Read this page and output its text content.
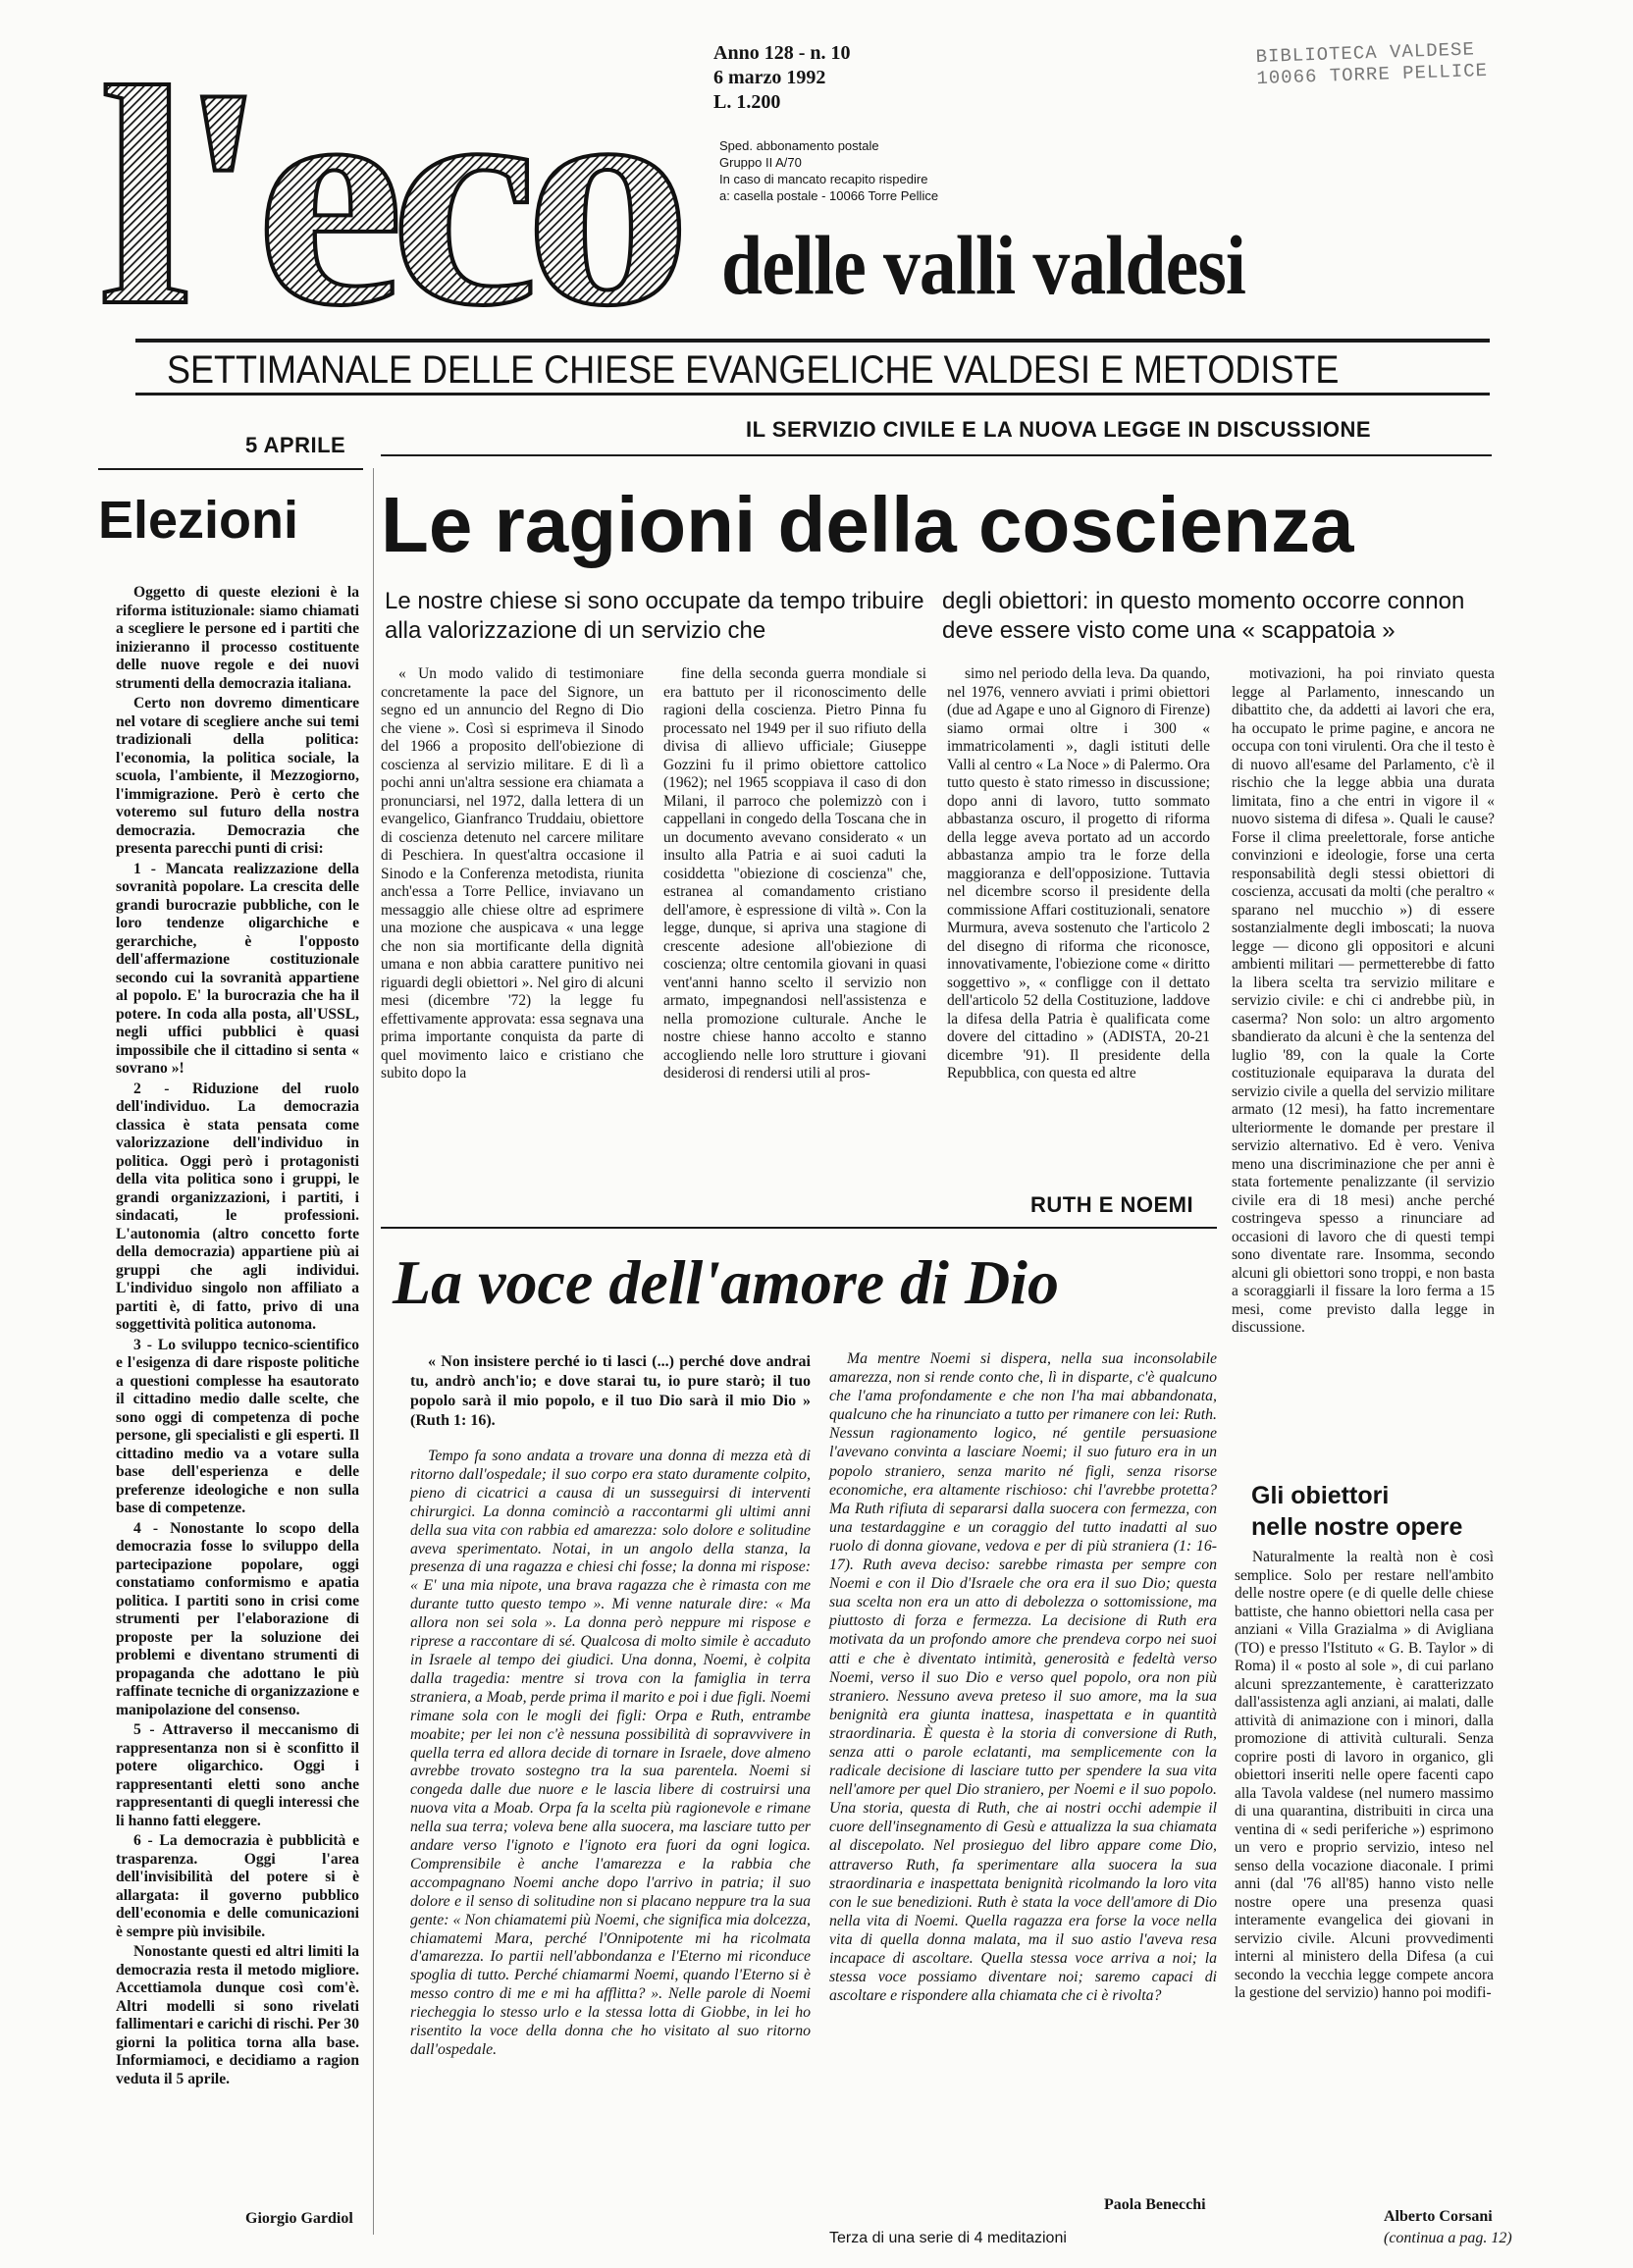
l'eco Anno 128 - n. 10
6 marzo 1992
L. 1.200
Sped. abbonamento postale
Gruppo II A/70
In caso di mancato recapito rispedire
a: casella postale - 10066 Torre Pellice
BIBLIOTECA VALDESE
10066 TORRE PELLICE
delle valli valdesi
SETTIMANALE DELLE CHIESE EVANGELICHE VALDESI E METODISTE
5 APRILE
Elezioni

Oggetto di queste elezioni è la riforma istituzionale: siamo chiamati a scegliere le persone ed i partiti che inizieranno il processo costituente delle nuove regole e dei nuovi strumenti della democrazia italiana.

Certo non dovremo dimenticare nel votare di scegliere anche sui temi tradizionali della politica: l'economia, la politica sociale, la scuola, l'ambiente, il Mezzogiorno, l'immigrazione. Però è certo che voteremo sul futuro della nostra democrazia. Democrazia che presenta parecchi punti di crisi:

1 - Mancata realizzazione della sovranità popolare. La crescita delle grandi burocrazie pubbliche, con le loro tendenze oligarchiche e gerarchiche, è l'opposto dell'affermazione costituzionale secondo cui la sovranità appartiene al popolo. E' la burocrazia che ha il potere. In coda alla posta, all'USSL, negli uffici pubblici è quasi impossibile che il cittadino si senta « sovrano »!

2 - Riduzione del ruolo dell'individuo. La democrazia classica è stata pensata come valorizzazione dell'individuo in politica. Oggi però i protagonisti della vita politica sono i gruppi, le grandi organizzazioni, i partiti, i sindacati, le professioni. L'autonomia (altro concetto forte della democrazia) appartiene più ai gruppi che agli individui. L'individuo singolo non affiliato a partiti è, di fatto, privo di una soggettività politica autonoma.

3 - Lo sviluppo tecnico-scientifico e l'esigenza di dare risposte politiche a questioni complesse ha esautorato il cittadino medio dalle scelte, che sono oggi di competenza di poche persone, gli specialisti e gli esperti. Il cittadino medio va a votare sulla base dell'esperienza e delle preferenze ideologiche e non sulla base di competenze.

4 - Nonostante lo scopo della democrazia fosse lo sviluppo della partecipazione popolare, oggi constatiamo conformismo e apatia politica. I partiti sono in crisi come strumenti per l'elaborazione di proposte per la soluzione dei problemi e diventano strumenti di propaganda che adottano le più raffinate tecniche di organizzazione e manipolazione del consenso.

5 - Attraverso il meccanismo di rappresentanza non si è sconfitto il potere oligarchico. Oggi i rappresentanti eletti sono anche rappresentanti di quegli interessi che li hanno fatti eleggere.

6 - La democrazia è pubblicità e trasparenza. Oggi l'area dell'invisibilità del potere si è allargata: il governo pubblico dell'economia e delle comunicazioni è sempre più invisibile.

Nonostante questi ed altri limiti la democrazia resta il metodo migliore. Accettiamola dunque così com'è. Altri modelli si sono rivelati fallimentari e carichi di rischi. Per 30 giorni la politica torna alla base. Informiamoci, e decidiamo a ragion veduta il 5 aprile.

Giorgio Gardiol
IL SERVIZIO CIVILE E LA NUOVA LEGGE IN DISCUSSIONE
Le ragioni della coscienza
Le nostre chiese si sono occupate da tempo tribuire alla valorizzazione di un servizio che
degli obiettori: in questo momento occorre connon deve essere visto come una « scappatoia »

« Un modo valido di testimoniare concretamente la pace del Signore, un segno ed un annuncio del Regno di Dio che viene ». Così si esprimeva il Sinodo del 1966 a proposito dell'obiezione di coscienza al servizio militare. E di lì a pochi anni un'altra sessione era chiamata a pronunciarsi, nel 1972, dalla lettera di un evangelico, Gianfranco Truddaiu, obiettore di coscienza detenuto nel carcere militare di Peschiera. In quest'altra occasione il Sinodo e la Conferenza metodista, riunita anch'essa a Torre Pellice, inviavano un messaggio alle chiese oltre ad esprimere una mozione che auspicava « una legge che non sia mortificante della dignità umana e non abbia carattere punitivo nei riguardi degli obiettori ». Nel giro di alcuni mesi (dicembre '72) la legge fu effettivamente approvata: essa segnava una prima importante conquista da parte di quel movimento laico e cristiano che subito dopo la

fine della seconda guerra mondiale si era battuto per il riconoscimento delle ragioni della coscienza. Pietro Pinna fu processato nel 1949 per il suo rifiuto della divisa di allievo ufficiale; Giuseppe Gozzini fu il primo obiettore cattolico (1962); nel 1965 scoppiava il caso di don Milani, il parroco che polemizzò con i cappellani in congedo della Toscana che in un documento avevano considerato « un insulto alla Patria e ai suoi caduti la cosiddetta "obiezione di coscienza" che, estranea al comandamento cristiano dell'amore, è espressione di viltà ». Con la legge, dunque, si apriva una stagione di crescente adesione all'obiezione di coscienza; oltre centomila giovani in quasi vent'anni hanno scelto il servizio non armato, impegnandosi nell'assistenza e nella promozione culturale. Anche le nostre chiese hanno accolto e stanno accogliendo nelle loro strutture i giovani desiderosi di rendersi utili al pros-

simo nel periodo della leva. Da quando, nel 1976, vennero avviati i primi obiettori (due ad Agape e uno al Gignoro di Firenze) siamo ormai oltre i 300 « immatricolamenti », dagli istituti delle Valli al centro « La Noce » di Palermo. Ora tutto questo è stato rimesso in discussione; dopo anni di lavoro, tutto sommato abbastanza oscuro, il progetto di riforma della legge aveva portato ad un accordo abbastanza ampio tra le forze della maggioranza e dell'opposizione. Tuttavia nel dicembre scorso il presidente della commissione Affari costituzionali, senatore Murmura, aveva sostenuto che l'articolo 2 del disegno di riforma che riconosce, innovativamente, l'obiezione come « diritto soggettivo », « confligge con il dettato dell'articolo 52 della Costituzione, laddove la difesa della Patria è qualificata come dovere del cittadino » (ADISTA, 20-21 dicembre '91). Il presidente della Repubblica, con questa ed altre

motivazioni, ha poi rinviato questa legge al Parlamento, innescando un dibattito che, da addetti ai lavori che era, ha occupato le prime pagine, e ancora ne occupa con toni virulenti. Ora che il testo è di nuovo all'esame del Parlamento, c'è il rischio che la legge abbia una durata limitata, fino a che entri in vigore il « nuovo sistema di difesa ». Quali le cause? Forse il clima preelettorale, forse antiche convinzioni e ideologie, forse una certa responsabilità degli stessi obiettori di coscienza, accusati da molti (che peraltro « sparano nel mucchio ») di essere sostanzialmente degli imboscati; la nuova legge — dicono gli oppositori e alcuni ambienti militari — permetterebbe di fatto la libera scelta tra servizio militare e servizio civile: e chi ci andrebbe più, in caserma? Non solo: un altro argomento sbandierato da alcuni è che la sentenza del luglio '89, con la quale la Corte costituzionale equiparava la durata del servizio civile a quella del servizio militare armato (12 mesi), ha fatto incrementare ulteriormente le domande per prestare il servizio alternativo. Ed è vero. Veniva meno una discriminazione che per anni è stata fortemente penalizzante (il servizio civile era di 18 mesi) anche perché costringeva spesso a rinunciare ad occasioni di lavoro che di questi tempi sono diventate rare. Insomma, secondo alcuni gli obiettori sono troppi, e non basta a scoraggiarli il fissare la loro ferma a 15 mesi, come previsto dalla legge in discussione.

Gli obiettori
nelle nostre opere

Naturalmente la realtà non è così semplice. Solo per restare nell'ambito delle nostre opere (e di quelle delle chiese battiste, che hanno obiettori nella casa per anziani « Villa Grazialma » di Avigliana (TO) e presso l'Istituto « G. B. Taylor » di Roma) il « posto al sole », di cui parlano alcuni sprezzantemente, è caratterizzato dall'assistenza agli anziani, ai malati, dalle attività di animazione con i minori, dalla promozione di attività culturali. Senza coprire posti di lavoro in organico, gli obiettori inseriti nelle opere facenti capo alla Tavola valdese (nel numero massimo di una quarantina, distribuiti in circa una ventina di « sedi periferiche ») esprimono un vero e proprio servizio, inteso nel senso della vocazione diaconale. I primi anni (dal '76 all'85) hanno visto nelle nostre opere una presenza quasi interamente evangelica dei giovani in servizio civile. Alcuni provvedimenti interni al ministero della Difesa (a cui secondo la vecchia legge compete ancora la gestione del servizio) hanno poi modifi-

Alberto Corsani
(continua a pag. 12)
RUTH E NOEMI
La voce dell'amore di Dio
« Non insistere perché io ti lasci (...) perché dove andrai tu, andrò anch'io; e dove starai tu, io pure starò; il tuo popolo sarà il mio popolo, e il tuo Dio sarà il mio Dio » (Ruth 1: 16).

Tempo fa sono andata a trovare una donna di mezza età di ritorno dall'ospedale; il suo corpo era stato duramente colpito, pieno di cicatrici a causa di un susseguirsi di interventi chirurgici. La donna cominciò a raccontarmi gli ultimi anni della sua vita con rabbia ed amarezza: solo dolore e solitudine aveva sperimentato. Notai, in un angolo della stanza, la presenza di una ragazza e chiesi chi fosse; la donna mi rispose: « E' una mia nipote, una brava ragazza che è rimasta con me durante tutto questo tempo ». Mi venne naturale dire: « Ma allora non sei sola ». La donna però neppure mi rispose e riprese a raccontare di sé. Qualcosa di molto simile è accaduto in Israele al tempo dei giudici. Una donna, Noemi, è colpita dalla tragedia: mentre si trova con la famiglia in terra straniera, a Moab, perde prima il marito e poi i due figli. Noemi rimane sola con le mogli dei figli: Orpa e Ruth, entrambe moabite; per lei non c'è nessuna possibilità di sopravvivere in quella terra ed allora decide di tornare in Israele, dove almeno avrebbe trovato sostegno tra la sua parentela. Noemi si congeda dalle due nuore e le lascia libere di costruirsi una nuova vita a Moab. Orpa fa la scelta più ragionevole e rimane nella sua terra; voleva bene alla suocera, ma lasciare tutto per andare verso l'ignoto e l'ignoto era fuori da ogni logica. Comprensibile è anche l'amarezza e la rabbia che accompagnano Noemi anche dopo l'arrivo in patria; il suo dolore e il senso di solitudine non si placano neppure tra la sua gente: « Non chiamatemi più Noemi, che significa mia dolcezza, chiamatemi Mara, perché l'Onnipotente mi ha ricolmata d'amarezza. Io partii nell'abbondanza e l'Eterno mi riconduce spoglia di tutto. Perché chiamarmi Noemi, quando l'Eterno si è messo contro di me e mi ha afflitta? ». Nelle parole di Noemi riecheggia lo stesso urlo e la stessa lotta di Giobbe, in lei ho risentito la voce della donna che ho visitato al suo ritorno dall'ospedale.

Ma mentre Noemi si dispera, nella sua inconsolabile amarezza, non si rende conto che, lì in disparte, c'è qualcuno che l'ama profondamente e che non l'ha mai abbandonata, qualcuno che ha rinunciato a tutto per rimanere con lei: Ruth. Nessun ragionamento logico, né gentile persuasione l'avevano convinta a lasciare Noemi; il suo futuro era in un popolo straniero, senza marito né figli, senza risorse economiche, era altamente rischioso: chi l'avrebbe protetta? Ma Ruth rifiuta di separarsi dalla suocera con fermezza, con una testardaggine e un coraggio del tutto inadatti al suo ruolo di donna giovane, vedova e per di più straniera (1: 16-17). Ruth aveva deciso: sarebbe rimasta per sempre con Noemi e con il Dio d'Israele che ora era il suo Dio; questa sua scelta non era un atto di debolezza o sottomissione, ma piuttosto di forza e fermezza. La decisione di Ruth era motivata da un profondo amore che prendeva corpo nei suoi atti e che è diventato intimità, generosità e fedeltà verso Noemi, verso il suo Dio e verso quel popolo, ora non più straniero. Nessuno aveva preteso il suo amore, ma la sua benignità era giunta inattesa, inaspettata e in quantità straordinaria. È questa è la storia di conversione di Ruth, senza atti o parole eclatanti, ma semplicemente con la radicale decisione di lasciare tutto per spendere la sua vita nell'amore per quel Dio straniero, per Noemi e il suo popolo. Una storia, questa di Ruth, che ai nostri occhi adempie il cuore dell'insegnamento di Gesù e attualizza la sua chiamata al discepolato. Nel prosieguo del libro appare come Dio, attraverso Ruth, fa sperimentare alla suocera la sua straordinaria e inaspettata benignità ricolmando la loro vita con le sue benedizioni. Ruth è stata la voce dell'amore di Dio nella vita di Noemi. Quella ragazza era forse la voce nella vita di quella donna malata, ma il suo astio l'aveva resa incapace di ascoltare. Quella stessa voce arriva a noi; la stessa voce possiamo diventare noi; saremo capaci di ascoltare e rispondere alla chiamata che ci è rivolta?

Paola Benecchi
Terza di una serie di 4 meditazioni
